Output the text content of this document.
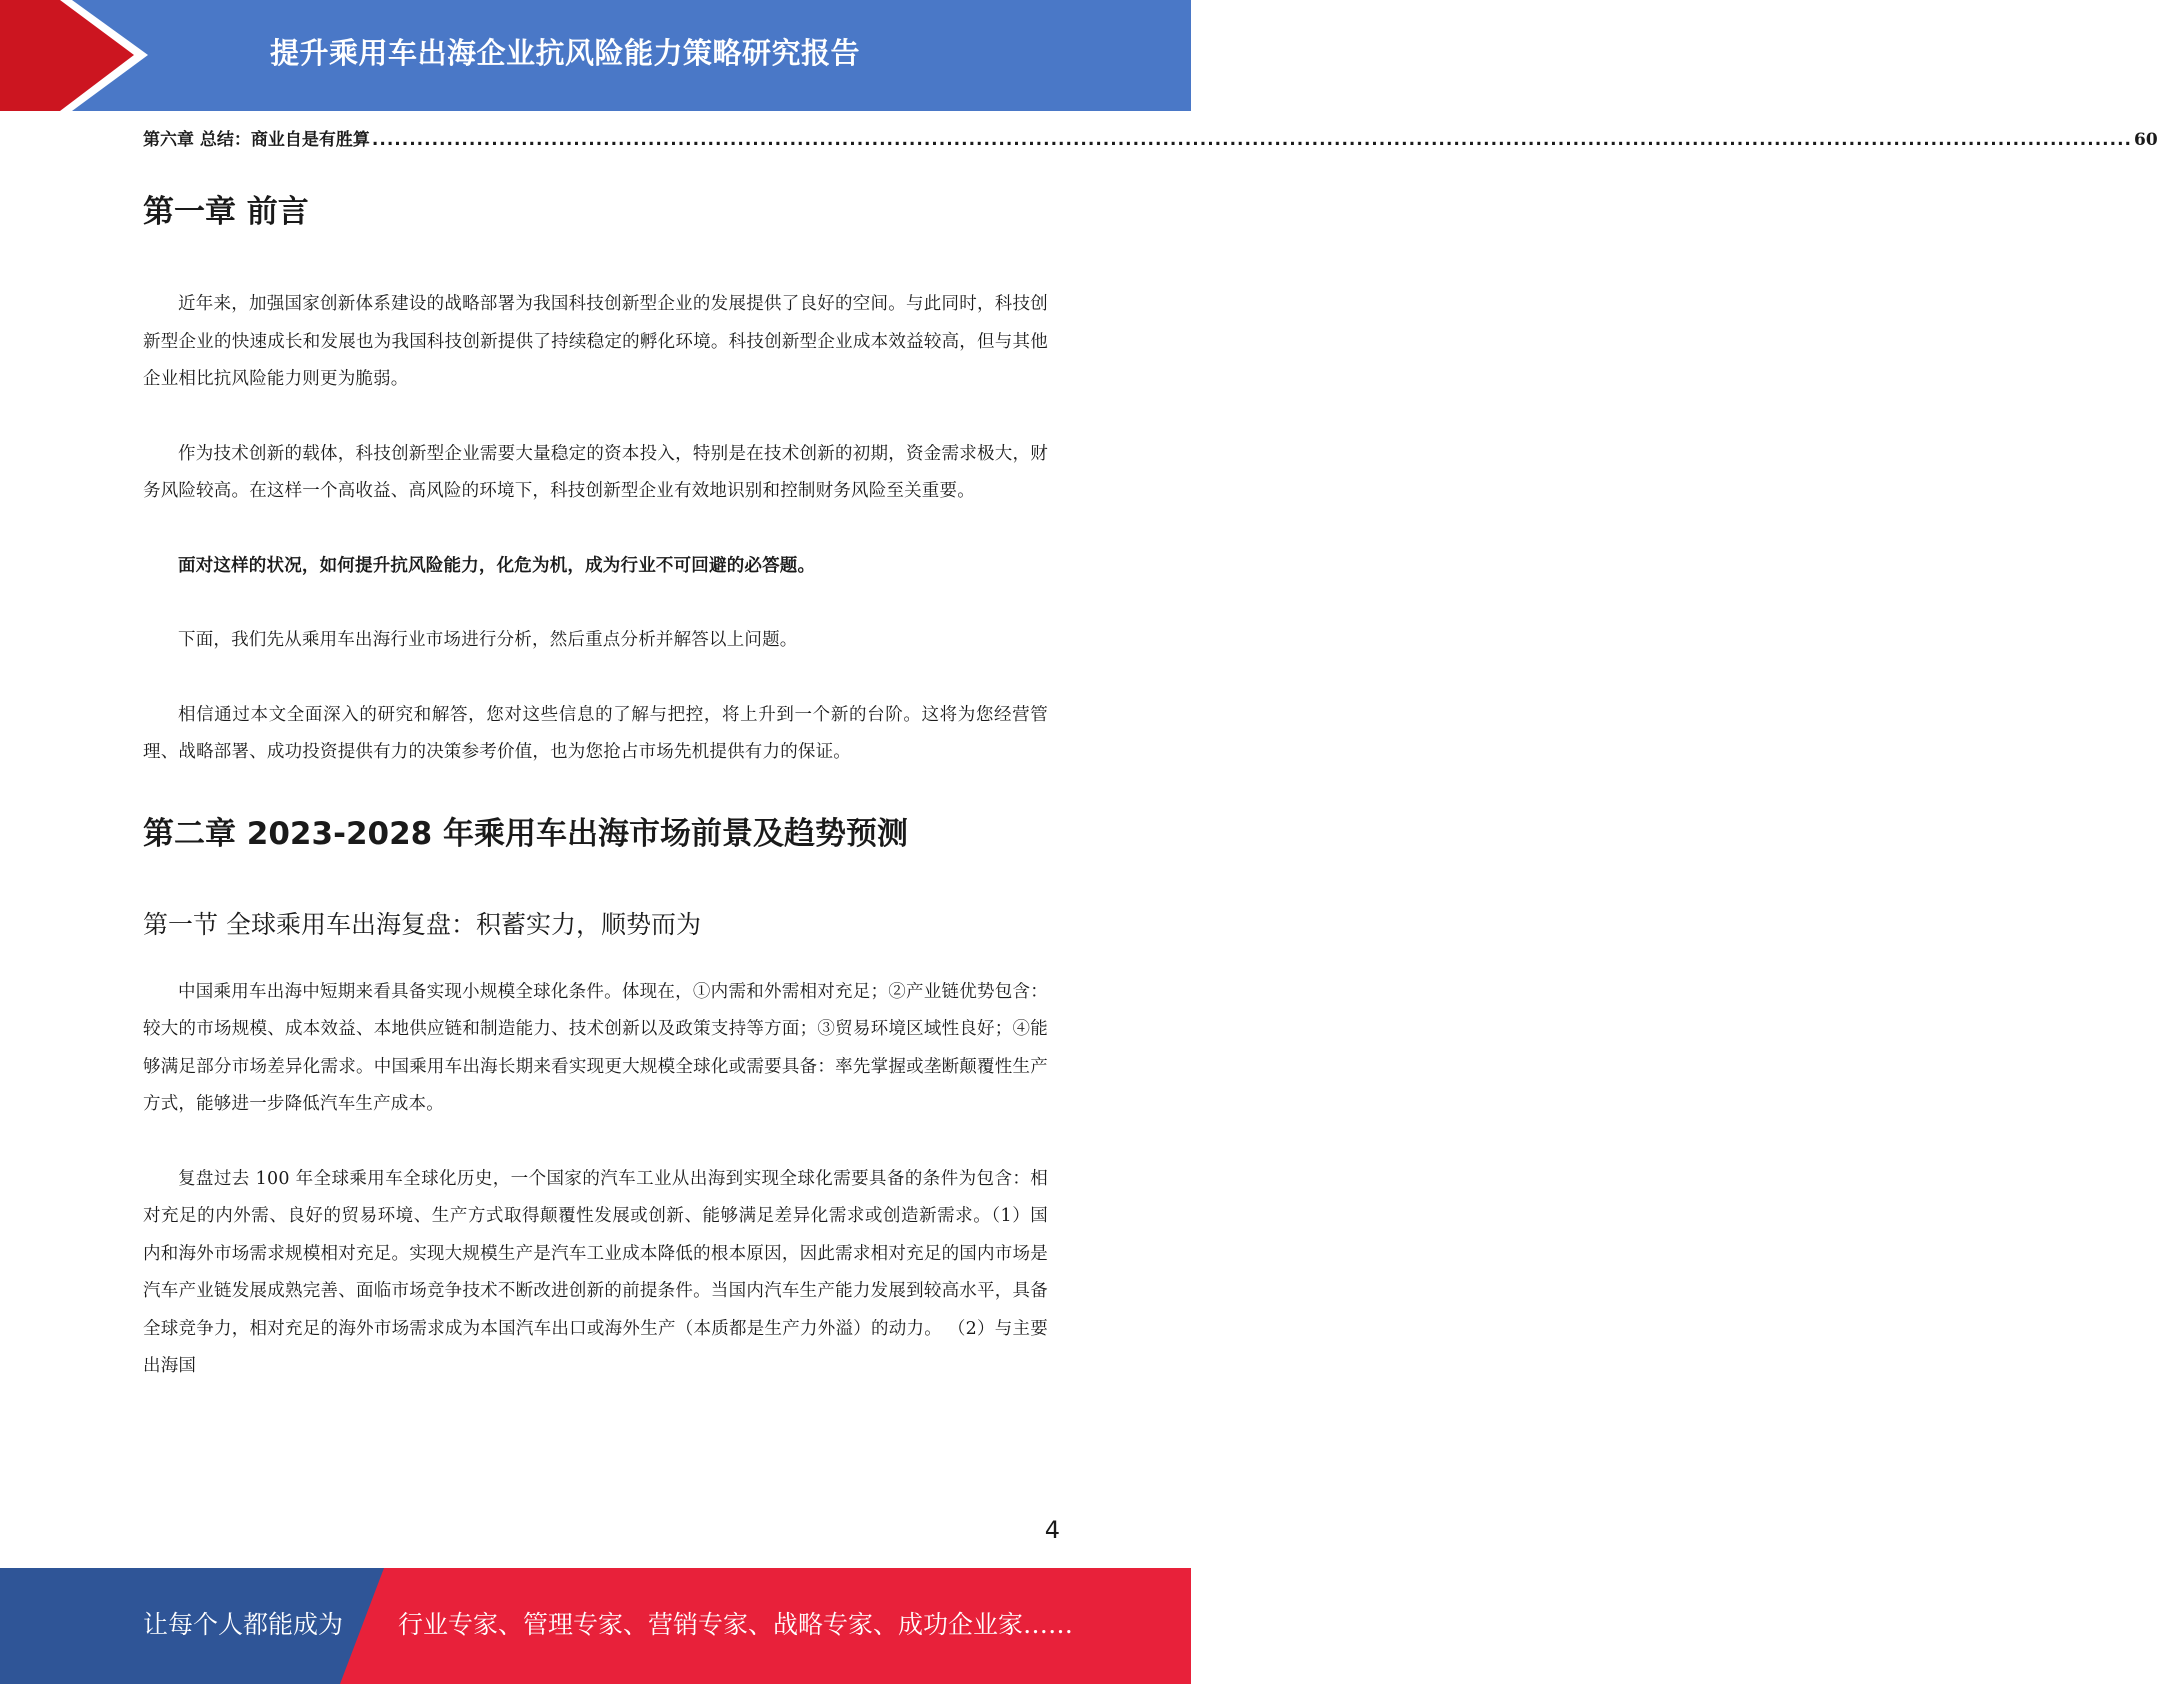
提升乘用车出海企业抗风险能力策略研究报告
第六章 总结：商业自是有胜算 ............................................................................................................................................................................................................................................ 60
第一章 前言

近年来，加强国家创新体系建设的战略部署为我国科技创新型企业的发展提供了良好的空间。与此同时，科技创新型企业的快速成长和发展也为我国科技创新提供了持续稳定的孵化环境。科技创新型企业成本效益较高，但与其他企业相比抗风险能力则更为脆弱。

作为技术创新的载体，科技创新型企业需要大量稳定的资本投入，特别是在技术创新的初期，资金需求极大，财务风险较高。在这样一个高收益、高风险的环境下，科技创新型企业有效地识别和控制财务风险至关重要。

面对这样的状况，如何提升抗风险能力，化危为机，成为行业不可回避的必答题。

下面，我们先从乘用车出海行业市场进行分析，然后重点分析并解答以上问题。

相信通过本文全面深入的研究和解答，您对这些信息的了解与把控，将上升到一个新的台阶。这将为您经营管理、战略部署、成功投资提供有力的决策参考价值，也为您抢占市场先机提供有力的保证。

第二章 2023-2028 年乘用车出海市场前景及趋势预测
第一节 全球乘用车出海复盘：积蓄实力，顺势而为

中国乘用车出海中短期来看具备实现小规模全球化条件。体现在，①内需和外需相对充足；②产业链优势包含：较大的市场规模、成本效益、本地供应链和制造能力、技术创新以及政策支持等方面；③贸易环境区域性良好；④能够满足部分市场差异化需求。中国乘用车出海长期来看实现更大规模全球化或需要具备：率先掌握或垄断颠覆性生产方式，能够进一步降低汽车生产成本。

复盘过去 100 年全球乘用车全球化历史，一个国家的汽车工业从出海到实现全球化需要具备的条件为包含：相对充足的内外需、良好的贸易环境、生产方式取得颠覆性发展或创新、能够满足差异化需求或创造新需求。（1）国内和海外市场需求规模相对充足。实现大规模生产是汽车工业成本降低的根本原因，因此需求相对充足的国内市场是汽车产业链发展成熟完善、面临市场竞争技术不断改进创新的前提条件。当国内汽车生产能力发展到较高水平，具备全球竞争力，相对充足的海外市场需求成为本国汽车出口或海外生产（本质都是生产力外溢）的动力。 （2）与主要出海国

4
让每个人都能成为 行业专家、管理专家、营销专家、战略专家、成功企业家……
